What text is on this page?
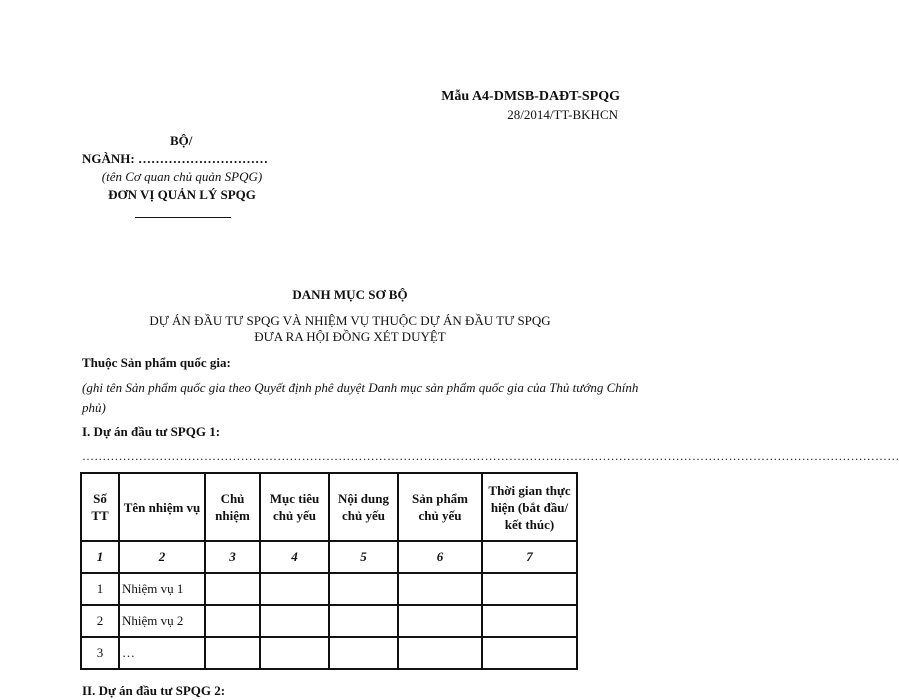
Mẫu A4-DMSB-DAĐT-SPQG
28/2014/TT-BKHCN
BỘ/
NGÀNH: …………………………
(tên Cơ quan chủ quản SPQG)
ĐƠN VỊ QUẢN LÝ SPQG
DANH MỤC SƠ BỘ
DỰ ÁN ĐẦU TƯ SPQG VÀ NHIỆM VỤ THUỘC DỰ ÁN ĐẦU TƯ SPQG
ĐƯA RA HỘI ĐỒNG XÉT DUYỆT
Thuộc Sản phẩm quốc gia:
(ghi tên Sản phẩm quốc gia theo Quyết định phê duyệt Danh mục sản phẩm quốc gia của Thủ tướng Chính phủ)
I. Dự án đầu tư SPQG 1:
…………………………………………………………………………………………………………………………………………………………………………………
Số TT	Tên nhiệm vụ	Chủ nhiệm	Mục tiêu chủ yếu	Nội dung chủ yếu	Sản phẩm chủ yếu	Thời gian thực hiện (bắt đầu/ kết thúc)
1	2	3	4	5	6	7
1	Nhiệm vụ 1					
2	Nhiệm vụ 2					
3	…					
II. Dự án đầu tư SPQG 2:
